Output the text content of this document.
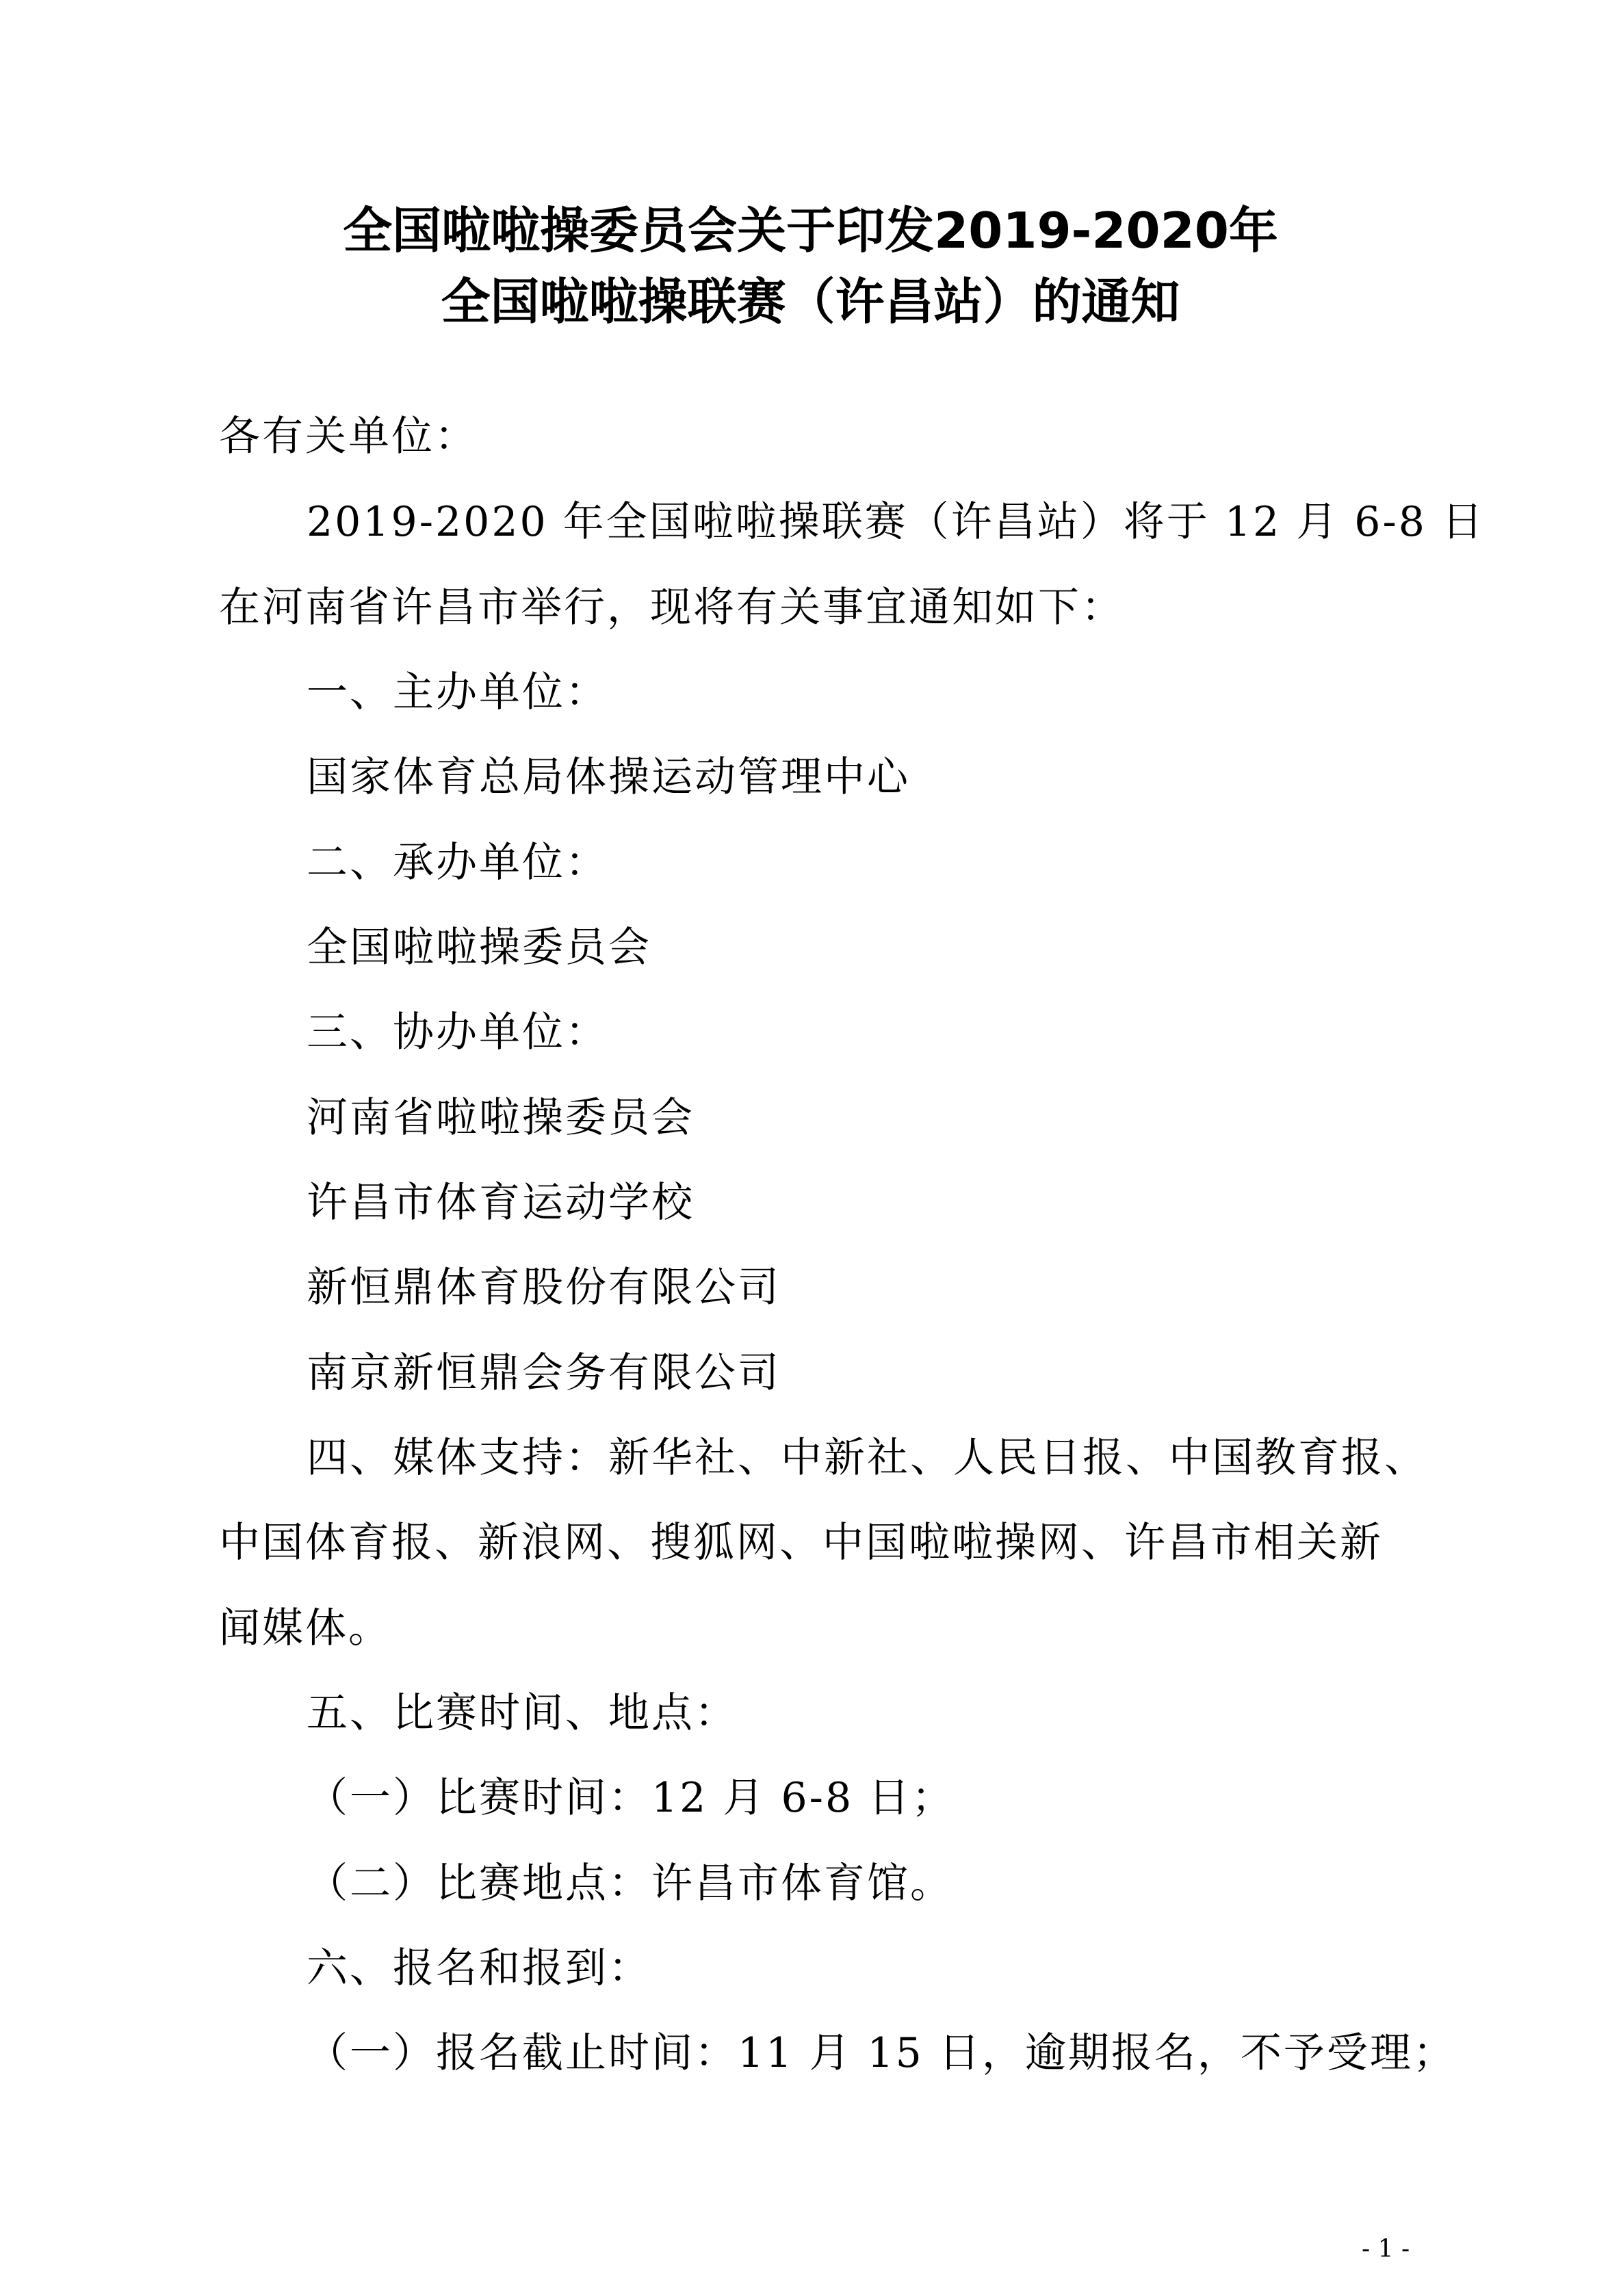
全国啦啦操委员会关于印发2019-2020年
全国啦啦操联赛（许昌站）的通知
各有关单位：
2019-2020 年全国啦啦操联赛（许昌站）将于 12 月 6-8 日
在河南省许昌市举行，现将有关事宜通知如下：
一、主办单位：
国家体育总局体操运动管理中心
二、承办单位：
全国啦啦操委员会
三、协办单位：
河南省啦啦操委员会
许昌市体育运动学校
新恒鼎体育股份有限公司
南京新恒鼎会务有限公司
四、媒体支持：新华社、中新社、人民日报、中国教育报、
中国体育报、新浪网、搜狐网、中国啦啦操网、许昌市相关新
闻媒体。
五、比赛时间、地点：
（一）比赛时间：12 月 6-8 日；
（二）比赛地点：许昌市体育馆。
六、报名和报到：
（一）报名截止时间：11 月 15 日，逾期报名，不予受理；
- 1 -
